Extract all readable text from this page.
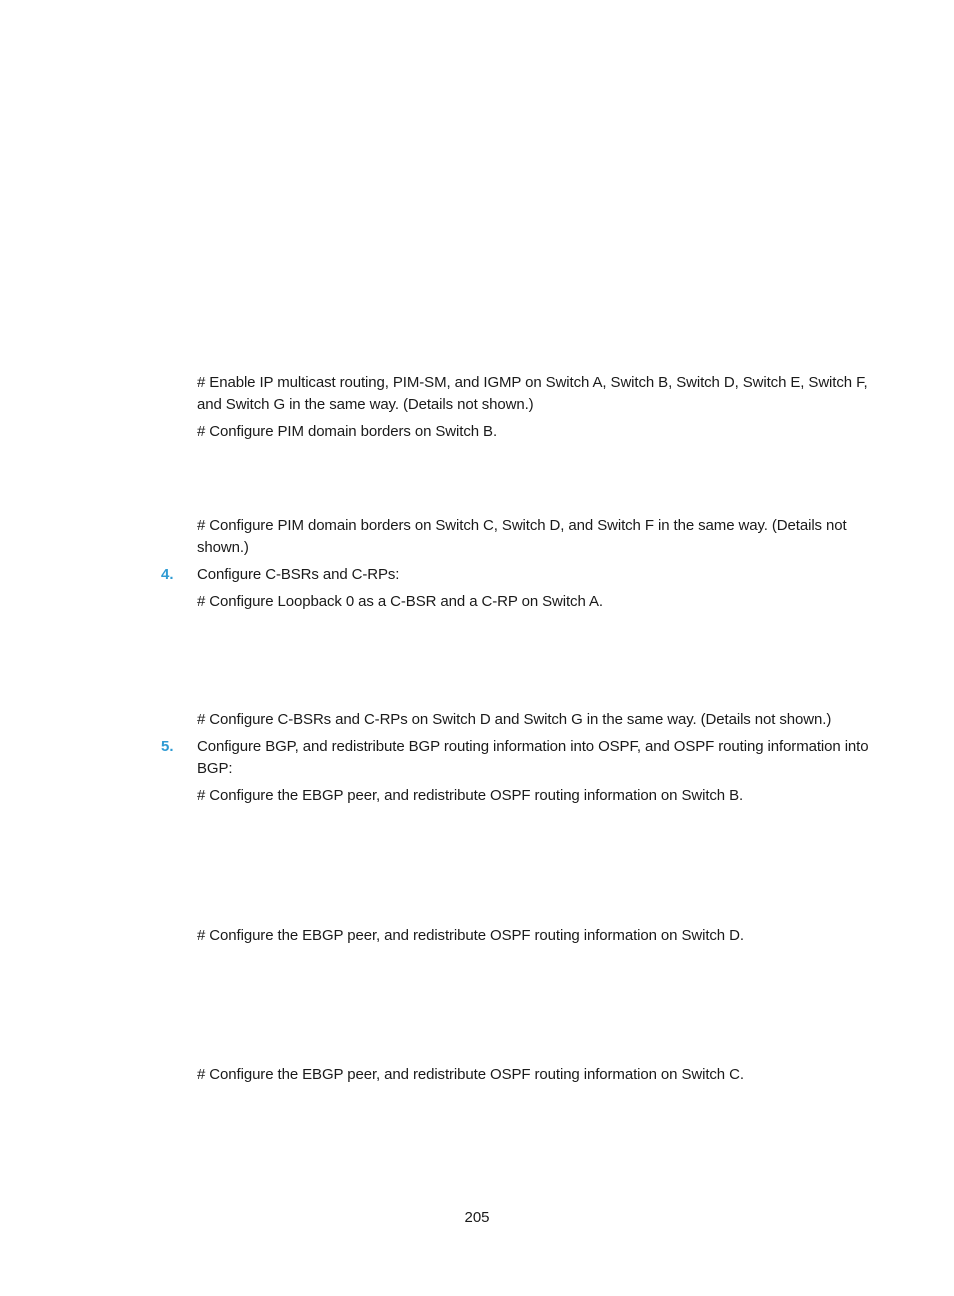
# Enable IP multicast routing, PIM-SM, and IGMP on Switch A, Switch B, Switch D, Switch E, Switch F, and Switch G in the same way. (Details not shown.)

# Configure PIM domain borders on Switch B.

# Configure PIM domain borders on Switch C, Switch D, and Switch F in the same way. (Details not shown.)

4. Configure C-BSRs and C-RPs:

# Configure Loopback 0 as a C-BSR and a C-RP on Switch A.

# Configure C-BSRs and C-RPs on Switch D and Switch G in the same way. (Details not shown.)

5. Configure BGP, and redistribute BGP routing information into OSPF, and OSPF routing information into BGP:

# Configure the EBGP peer, and redistribute OSPF routing information on Switch B.

# Configure the EBGP peer, and redistribute OSPF routing information on Switch D.

# Configure the EBGP peer, and redistribute OSPF routing information on Switch C.

205
